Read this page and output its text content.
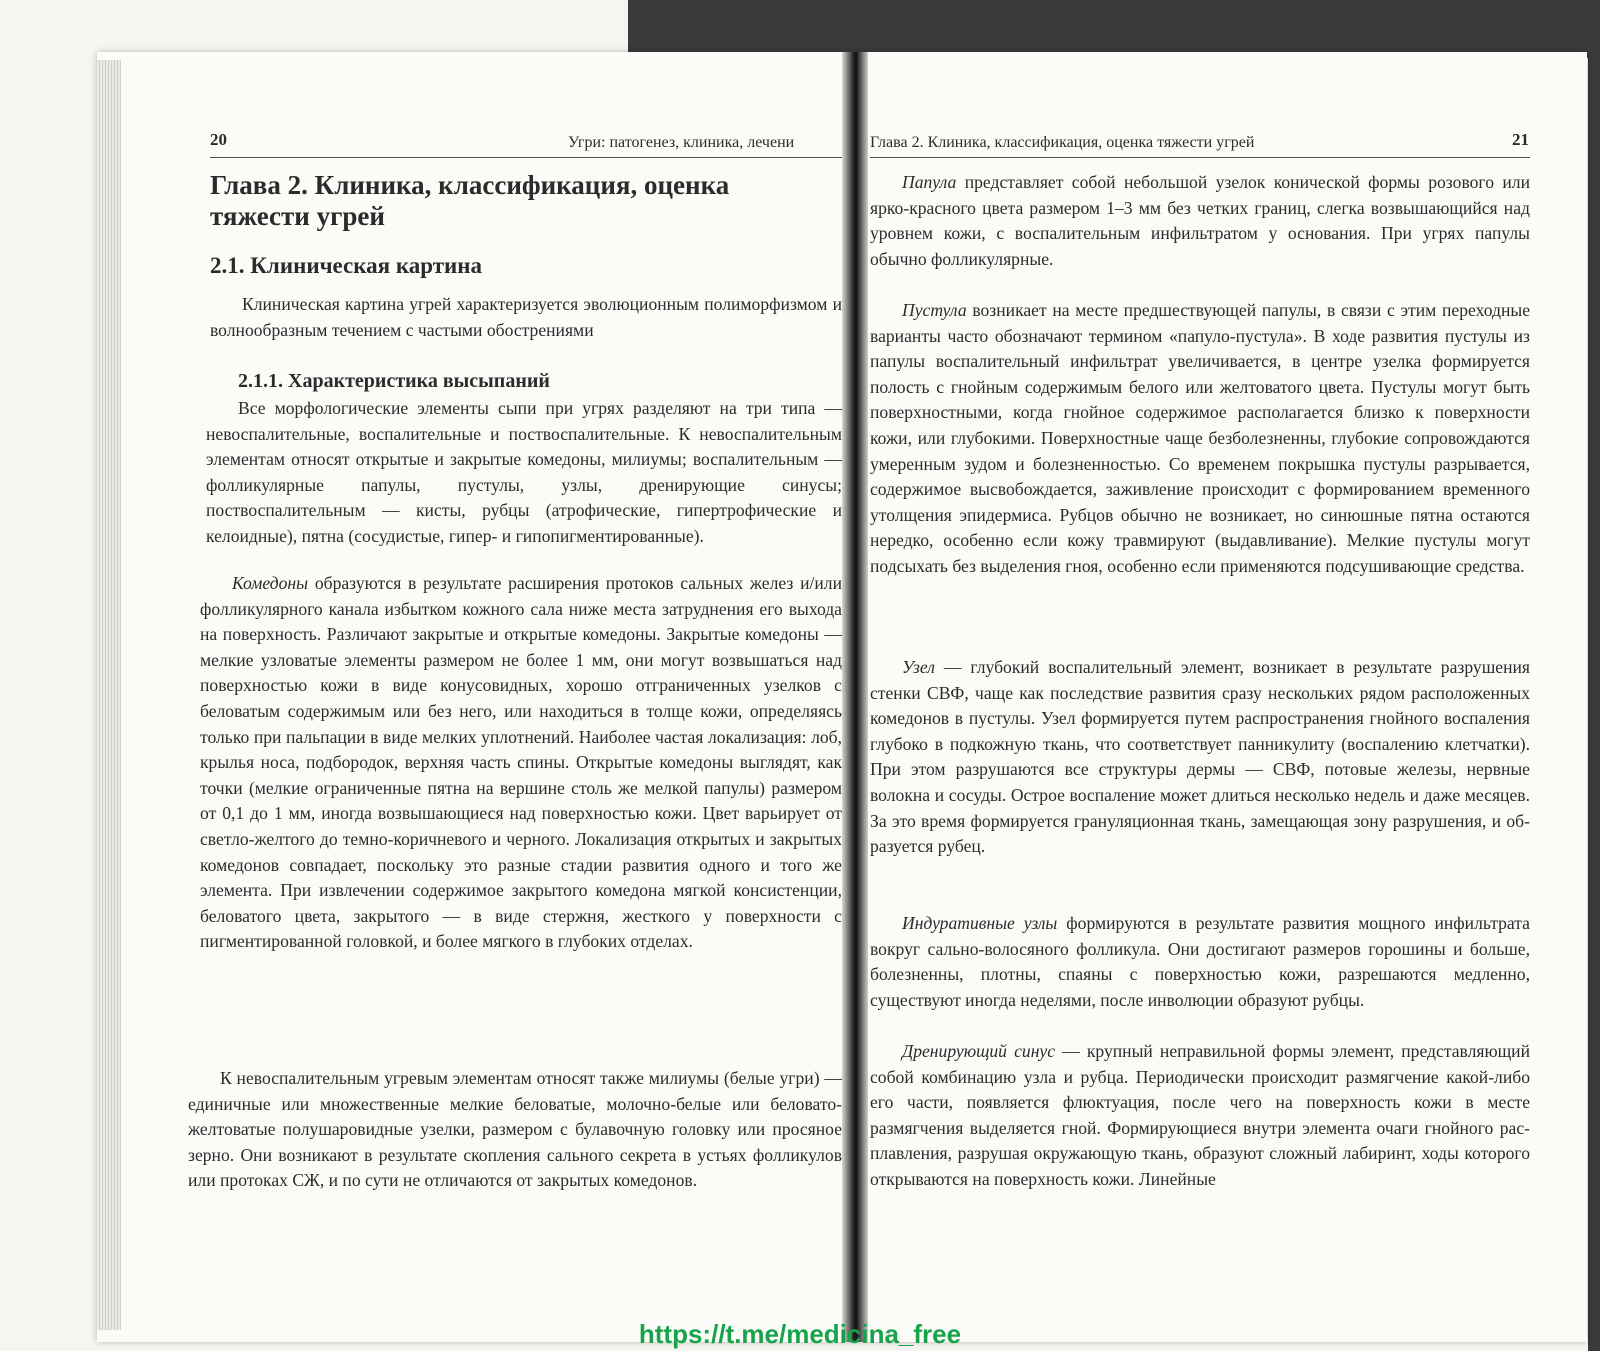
20	Угри: патогенез, клиника, лечени
Глава 2. Клиника, классификация, оценка тяжести угрей
2.1. Клиническая картина
Клиническая картина угрей характеризуется эволюционным полиморфизмом и волнообразным течением с частыми обострениями
2.1.1. Характеристика высыпаний
Все морфологические элементы сыпи при угрях разделяют на три типа — невоспалительные, воспалительные и поствоспалительные. К невоспалительным элементам относят открытые и закрытые комедоны, милиумы; воспалительным — фолликулярные папулы, пустулы, узлы, дренирующие синусы; поствоспалительным — кисты, рубцы (атрофические, гипертрофические и келоидные), пятна (сосудистые, гипер- и гипопигментированные).
Комедоны образуются в результате расширения протоков сальных желез и/или фолликулярного канала избытком кожного сала ниже места затруднения его выхода на поверхность. Различают закрытые и открытые комедоны. Закрытые комедоны — мелкие узловатые элементы размером не более 1 мм, они могут возвышаться над поверхностью кожи в виде конусовидных, хорошо отграниченных узелков с беловатым содержимым или без него, или находиться в толще кожи, определяясь только при пальпации в виде мелких уплотнений. Наиболее частая локализация: лоб, крылья носа, подбородок, верхняя часть спины. Открытые комедоны выглядят, как точки (мелкие ограниченные пятна на вершине столь же мелкой папулы) размером от 0,1 до 1 мм, иногда возвышающиеся над поверхностью кожи. Цвет варьирует от светло-желтого до темно-коричневого и черного. Локализация открытых и закрытых комедонов совпадает, поскольку это разные стадии развития одного и того же элемента. При извлечении содержимое закрытого комедона мягкой консистенции, беловатого цвета, закрытого — в виде стержня, жесткого у поверхности с пигментированной головкой, и более мягкого в глубоких отделах.
К невоспалительным угревым элементам относят также милиумы (белые угри) — единичные или множественные мелкие беловатые, молочно-белые или беловато-желтоватые полушаровидные узелки, размером с булавочную головку или просяное зерно. Они возникают в результате скопления сального секрета в устьях фолликулов или протоках СЖ, и по сути не отличаются от закрытых комедонов.
Глава 2. Клиника, классификация, оценка тяжести угрей	21
Папула представляет собой небольшой узелок конической формы розового или ярко-красного цвета размером 1–3 мм без четких границ, слегка возвышающийся над уровнем кожи, с воспалительным инфильтратом у основания. При угрях папулы обычно фолликулярные.
Пустула возникает на месте предшествующей папулы, в связи с этим переходные варианты часто обозначают термином «папуло-пустула». В ходе развития пустулы из папулы воспалительный инфильтрат увеличивается, в центре узелка формируется полость с гнойным содержимым белого или желтоватого цвета. Пустулы могут быть поверхностными, когда гнойное содержимое располагается близко к поверхности кожи, или глубокими. Поверхностные чаще безболезненны, глубокие сопровождаются умеренным зудом и болезненностью. Со временем покрышка пустулы разрывается, содержимое высвобождается, заживление происходит с формированием временного утолщения эпидермиса. Рубцов обычно не возникает, но синюшные пятна остаются нередко, особенно если кожу травмируют (выдавливание). Мелкие пустулы могут подсыхать без выделения гноя, особенно если применяются подсушивающие средства.
Узел — глубокий воспалительный элемент, возникает в результате разрушения стенки СВФ, чаще как последствие развития сразу нескольких рядом расположенных комедонов в пустулы. Узел формируется путем распространения гнойного воспаления глубоко в подкожную ткань, что соответствует панникулиту (воспалению клетчатки). При этом разрушаются все структуры дермы — СВФ, потовые железы, нервные волокна и сосуды. Острое воспаление может длиться несколько недель и даже месяцев. За это время формируется грануляционная ткань, замещающая зону разрушения, и образуется рубец.
Индуративные узлы формируются в результате развития мощного инфильтрата вокруг сально-волосяного фолликула. Они достигают размеров горошины и больше, болезненны, плотны, спаяны с поверхностью кожи, разрешаются медленно, существуют иногда неделями, после инволюции образуют рубцы.
Дренирующий синус — крупный неправильной формы элемент, представляющий собой комбинацию узла и рубца. Периодически происходит размягчение какой-либо его части, появляется флюктуация, после чего на поверхность кожи в месте размягчения выделяется гной. Формирующиеся внутри элемента очаги гнойного расплавления, разрушая окружающую ткань, образуют сложный лабиринт, ходы которого открываются на поверхность кожи. Линейные
https://t.me/medicina_free
